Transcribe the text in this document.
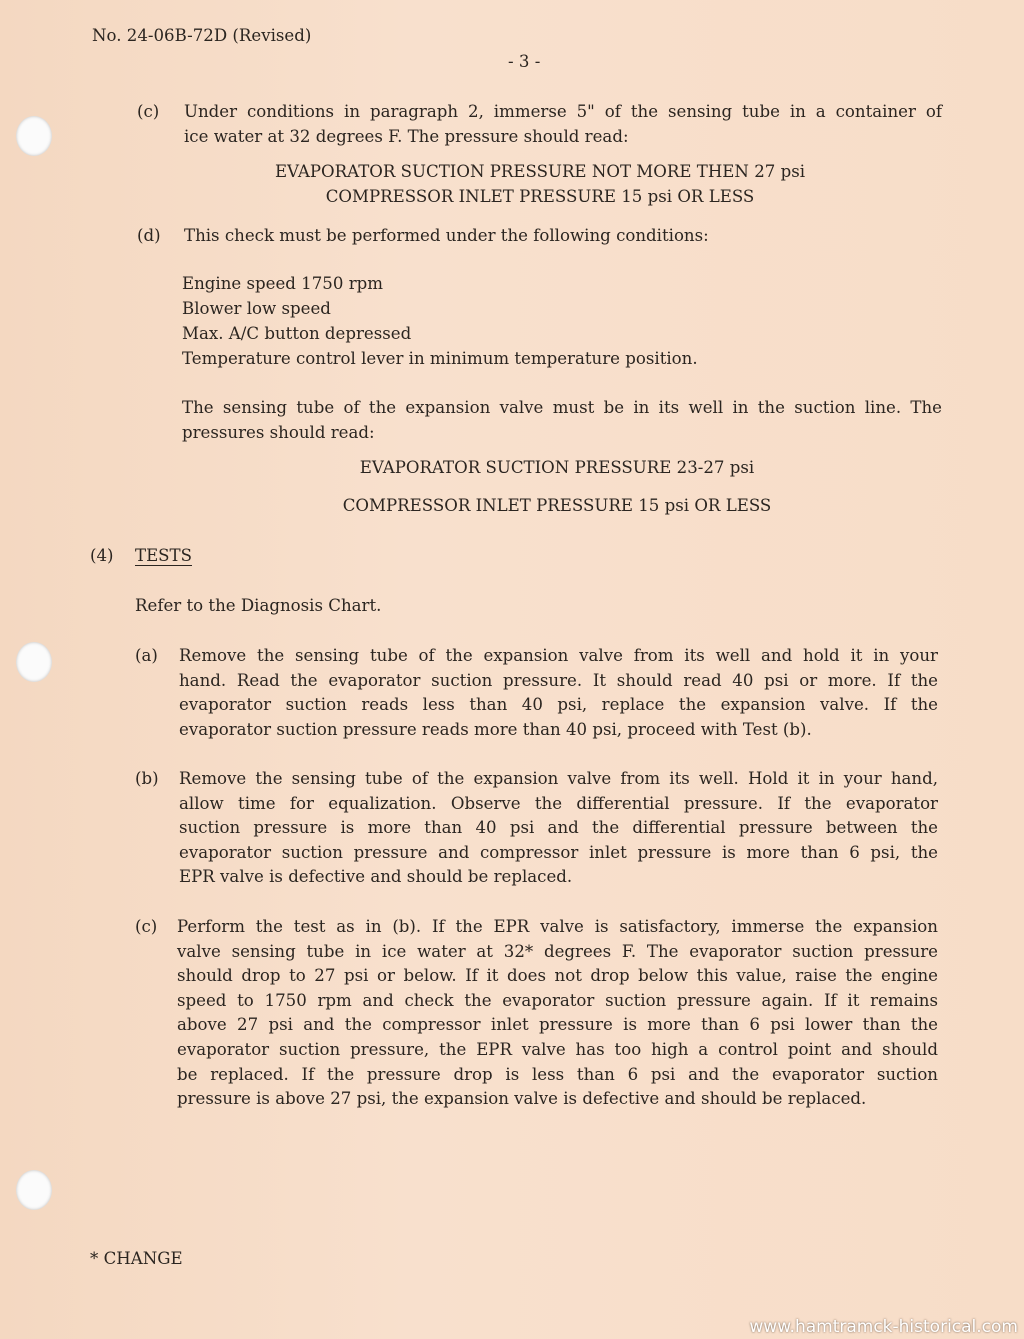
No. 24-06B-72D (Revised)
- 3 -
(c) Under conditions in paragraph 2, immerse 5" of the sensing tube in a container of
ice water at 32 degrees F. The pressure should read:
EVAPORATOR SUCTION PRESSURE NOT MORE THEN 27 psi
COMPRESSOR INLET PRESSURE 15 psi OR LESS
(d) This check must be performed under the following conditions:
Engine speed 1750 rpm
Blower low speed
Max. A/C button depressed
Temperature control lever in minimum temperature position.
The sensing tube of the expansion valve must be in its well in the suction line. The
pressures should read:
EVAPORATOR SUCTION PRESSURE 23-27 psi
COMPRESSOR INLET PRESSURE 15 psi OR LESS
(4) TESTS
Refer to the Diagnosis Chart.
(a) Remove the sensing tube of the expansion valve from its well and hold it in your
hand. Read the evaporator suction pressure. It should read 40 psi or more. If the
evaporator suction reads less than 40 psi, replace the expansion valve. If the
evaporator suction pressure reads more than 40 psi, proceed with Test (b).
(b) Remove the sensing tube of the expansion valve from its well. Hold it in your hand,
allow time for equalization. Observe the differential pressure. If the evaporator
suction pressure is more than 40 psi and the differential pressure between the
evaporator suction pressure and compressor inlet pressure is more than 6 psi, the
EPR valve is defective and should be replaced.
(c) Perform the test as in (b). If the EPR valve is satisfactory, immerse the expansion
valve sensing tube in ice water at 32* degrees F. The evaporator suction pressure
should drop to 27 psi or below. If it does not drop below this value, raise the engine
speed to 1750 rpm and check the evaporator suction pressure again. If it remains
above 27 psi and the compressor inlet pressure is more than 6 psi lower than the
evaporator suction pressure, the EPR valve has too high a control point and should
be replaced. If the pressure drop is less than 6 psi and the evaporator suction
pressure is above 27 psi, the expansion valve is defective and should be replaced.
* CHANGE
www.hamtramck-historical.com
